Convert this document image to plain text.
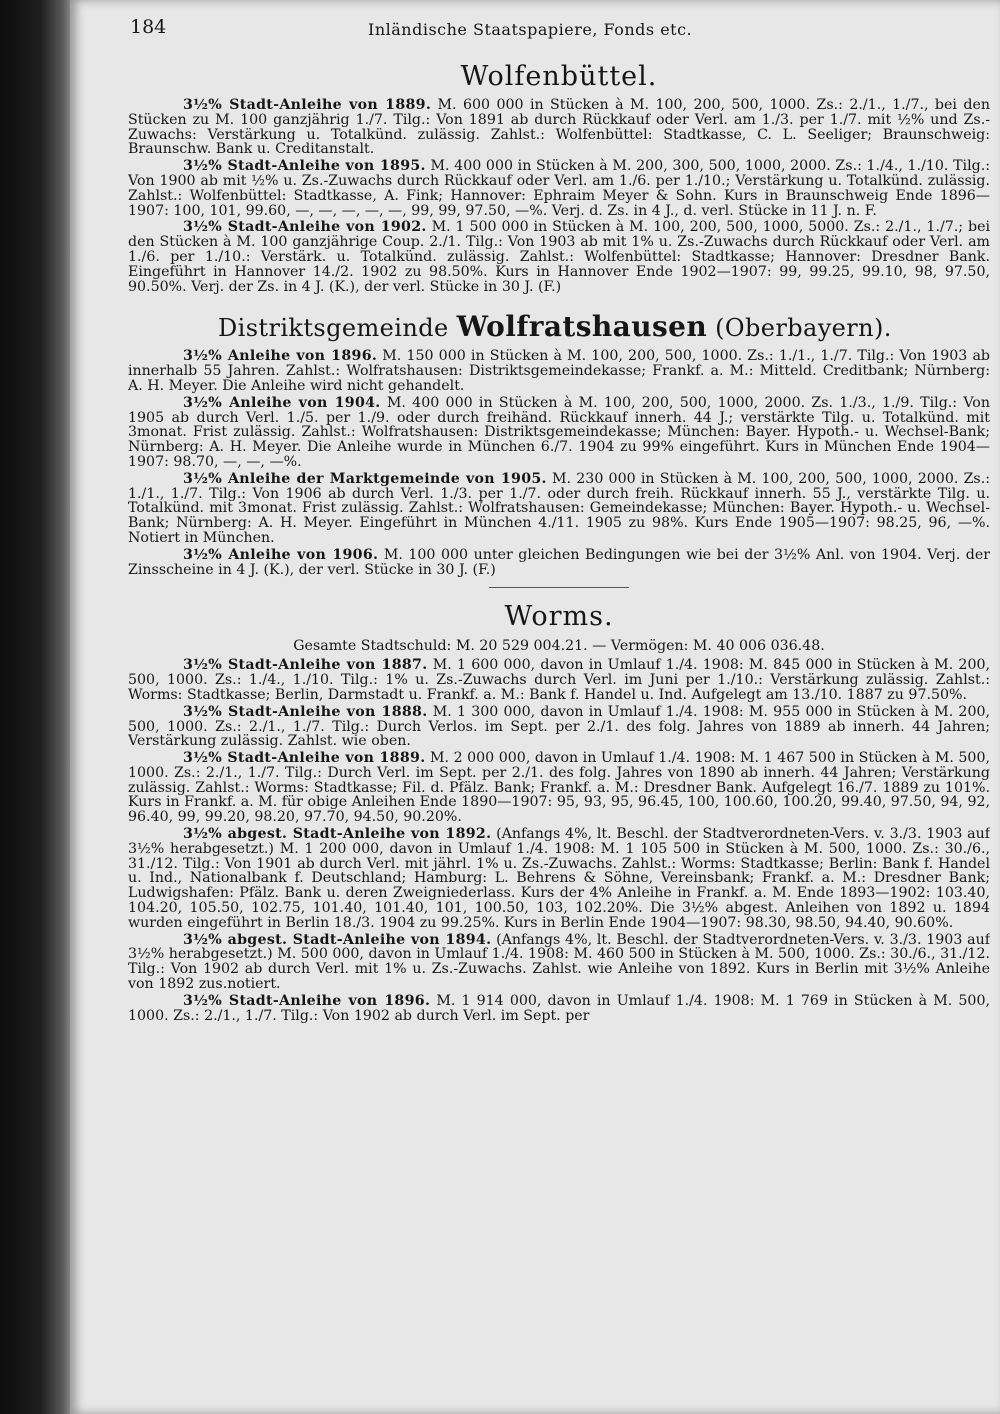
184	Inländische Staatspapiere, Fonds etc.
Wolfenbüttel.

3½% Stadt-Anleihe von 1889. M. 600 000 in Stücken à M. 100, 200, 500, 1000. Zs.: 2./1., 1./7., bei den Stücken zu M. 100 ganzjährig 1./7. Tilg.: Von 1891 ab durch Rückkauf oder Verl. am 1./3. per 1./7. mit ½% und Zs.-Zuwachs: Verstärkung u. Totalkünd. zulässig. Zahlst.: Wolfenbüttel: Stadtkasse, C. L. Seeliger; Braunschweig: Braunschw. Bank u. Creditanstalt.

3½% Stadt-Anleihe von 1895. M. 400 000 in Stücken à M. 200, 300, 500, 1000, 2000. Zs.: 1./4., 1./10. Tilg.: Von 1900 ab mit ½% u. Zs.-Zuwachs durch Rückkauf oder Verl. am 1./6. per 1./10.; Verstärkung u. Totalkünd. zulässig. Zahlst.: Wolfenbüttel: Stadtkasse, A. Fink; Hannover: Ephraim Meyer & Sohn. Kurs in Braunschweig Ende 1896—1907: 100, 101, 99.60, —, —, —, —, —, 99, 99, 97.50, —%. Verj. d. Zs. in 4 J., d. verl. Stücke in 11 J. n. F.

3½% Stadt-Anleihe von 1902. M. 1 500 000 in Stücken à M. 100, 200, 500, 1000, 5000. Zs.: 2./1., 1./7.; bei den Stücken à M. 100 ganzjährige Coup. 2./1. Tilg.: Von 1903 ab mit 1% u. Zs.-Zuwachs durch Rückkauf oder Verl. am 1./6. per 1./10.: Verstärk. u. Totalkünd. zulässig. Zahlst.: Wolfenbüttel: Stadtkasse; Hannover: Dresdner Bank. Eingeführt in Hannover 14./2. 1902 zu 98.50%. Kurs in Hannover Ende 1902—1907: 99, 99.25, 99.10, 98, 97.50, 90.50%. Verj. der Zs. in 4 J. (K.), der verl. Stücke in 30 J. (F.)

Distriktsgemeinde Wolfratshausen (Oberbayern).

3½% Anleihe von 1896. M. 150 000 in Stücken à M. 100, 200, 500, 1000. Zs.: 1./1., 1./7. Tilg.: Von 1903 ab innerhalb 55 Jahren. Zahlst.: Wolfratshausen: Distriktsgemeindekasse; Frankf. a. M.: Mitteld. Creditbank; Nürnberg: A. H. Meyer. Die Anleihe wird nicht gehandelt.

3½% Anleihe von 1904. M. 400 000 in Stücken à M. 100, 200, 500, 1000, 2000. Zs. 1./3., 1./9. Tilg.: Von 1905 ab durch Verl. 1./5. per 1./9. oder durch freihänd. Rückkauf innerh. 44 J.; verstärkte Tilg. u. Totalkünd. mit 3monat. Frist zulässig. Zahlst.: Wolfratshausen: Distriktsgemeindekasse; München: Bayer. Hypoth.- u. Wechsel-Bank; Nürnberg: A. H. Meyer. Die Anleihe wurde in München 6./7. 1904 zu 99% eingeführt. Kurs in München Ende 1904—1907: 98.70, —, —, —%.

3½% Anleihe der Marktgemeinde von 1905. M. 230 000 in Stücken à M. 100, 200, 500, 1000, 2000. Zs.: 1./1., 1./7. Tilg.: Von 1906 ab durch Verl. 1./3. per 1./7. oder durch freih. Rückkauf innerh. 55 J., verstärkte Tilg. u. Totalkünd. mit 3monat. Frist zulässig. Zahlst.: Wolfratshausen: Gemeindekasse; München: Bayer. Hypoth.- u. Wechsel-Bank; Nürnberg: A. H. Meyer. Eingeführt in München 4./11. 1905 zu 98%. Kurs Ende 1905—1907: 98.25, 96, —%. Notiert in München.

3½% Anleihe von 1906. M. 100 000 unter gleichen Bedingungen wie bei der 3½% Anl. von 1904. Verj. der Zinsscheine in 4 J. (K.), der verl. Stücke in 30 J. (F.)

Worms.
Gesamte Stadtschuld: M. 20 529 004.21. — Vermögen: M. 40 006 036.48.

3½% Stadt-Anleihe von 1887. M. 1 600 000, davon in Umlauf 1./4. 1908: M. 845 000 in Stücken à M. 200, 500, 1000. Zs.: 1./4., 1./10. Tilg.: 1% u. Zs.-Zuwachs durch Verl. im Juni per 1./10.: Verstärkung zulässig. Zahlst.: Worms: Stadtkasse; Berlin, Darmstadt u. Frankf. a. M.: Bank f. Handel u. Ind. Aufgelegt am 13./10. 1887 zu 97.50%.

3½% Stadt-Anleihe von 1888. M. 1 300 000, davon in Umlauf 1./4. 1908: M. 955 000 in Stücken à M. 200, 500, 1000. Zs.: 2./1., 1./7. Tilg.: Durch Verlos. im Sept. per 2./1. des folg. Jahres von 1889 ab innerh. 44 Jahren; Verstärkung zulässig. Zahlst. wie oben.

3½% Stadt-Anleihe von 1889. M. 2 000 000, davon in Umlauf 1./4. 1908: M. 1 467 500 in Stücken à M. 500, 1000. Zs.: 2./1., 1./7. Tilg.: Durch Verl. im Sept. per 2./1. des folg. Jahres von 1890 ab innerh. 44 Jahren; Verstärkung zulässig. Zahlst.: Worms: Stadtkasse; Fil. d. Pfälz. Bank; Frankf. a. M.: Dresdner Bank. Aufgelegt 16./7. 1889 zu 101%. Kurs in Frankf. a. M. für obige Anleihen Ende 1890—1907: 95, 93, 95, 96.45, 100, 100.60, 100.20, 99.40, 97.50, 94, 92, 96.40, 99, 99.20, 98.20, 97.70, 94.50, 90.20%.

3½% abgest. Stadt-Anleihe von 1892. (Anfangs 4%, lt. Beschl. der Stadtverordneten-Vers. v. 3./3. 1903 auf 3½% herabgesetzt.) M. 1 200 000, davon in Umlauf 1./4. 1908: M. 1 105 500 in Stücken à M. 500, 1000. Zs.: 30./6., 31./12. Tilg.: Von 1901 ab durch Verl. mit jährl. 1% u. Zs.-Zuwachs. Zahlst.: Worms: Stadtkasse; Berlin: Bank f. Handel u. Ind., Nationalbank f. Deutschland; Hamburg: L. Behrens & Söhne, Vereinsbank; Frankf. a. M.: Dresdner Bank; Ludwigshafen: Pfälz. Bank u. deren Zweigniederlass. Kurs der 4% Anleihe in Frankf. a. M. Ende 1893—1902: 103.40, 104.20, 105.50, 102.75, 101.40, 101.40, 101, 100.50, 103, 102.20%. Die 3½% abgest. Anleihen von 1892 u. 1894 wurden eingeführt in Berlin 18./3. 1904 zu 99.25%. Kurs in Berlin Ende 1904—1907: 98.30, 98.50, 94.40, 90.60%.

3½% abgest. Stadt-Anleihe von 1894. (Anfangs 4%, lt. Beschl. der Stadtverordneten-Vers. v. 3./3. 1903 auf 3½% herabgesetzt.) M. 500 000, davon in Umlauf 1./4. 1908: M. 460 500 in Stücken à M. 500, 1000. Zs.: 30./6., 31./12. Tilg.: Von 1902 ab durch Verl. mit 1% u. Zs.-Zuwachs. Zahlst. wie Anleihe von 1892. Kurs in Berlin mit 3½% Anleihe von 1892 zus.notiert.

3½% Stadt-Anleihe von 1896. M. 1 914 000, davon in Umlauf 1./4. 1908: M. 1 769 in Stücken à M. 500, 1000. Zs.: 2./1., 1./7. Tilg.: Von 1902 ab durch Verl. im Sept. per
